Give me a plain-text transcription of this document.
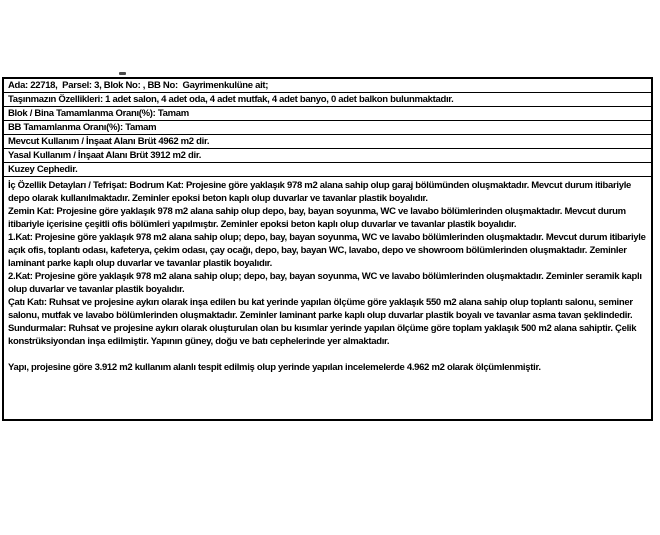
Ada: 22718,  Parsel: 3, Blok No: , BB No:  Gayrimenkulüne ait;
Taşınmazın Özellikleri: 1 adet salon, 4 adet oda, 4 adet mutfak, 4 adet banyo, 0 adet balkon bulunmaktadır.
Blok / Bina Tamamlanma Oranı(%): Tamam
BB Tamamlanma Oranı(%): Tamam
Mevcut Kullanım / İnşaat Alanı Brüt 4962 m2 dir.
Yasal Kullanım / İnşaat Alanı Brüt 3912 m2 dir.
Kuzey Cephedir.
İç Özellik Detayları / Tefrişat: Bodrum Kat: Projesine göre yaklaşık 978 m2 alana sahip olup garaj bölümünden oluşmaktadır. Mevcut durum itibariyle depo olarak kullanılmaktadır. Zeminler epoksi beton kaplı olup duvarlar ve tavanlar plastik boyalıdır.
Zemin Kat: Projesine göre yaklaşık 978 m2 alana sahip olup depo, bay, bayan soyunma, WC ve lavabo bölümlerinden oluşmaktadır. Mevcut durum itibariyle içerisine çeşitli ofis bölümleri yapılmıştır. Zeminler epoksi beton kaplı olup duvarlar ve tavanlar plastik boyalıdır.
1.Kat: Projesine göre yaklaşık 978 m2 alana sahip olup; depo, bay, bayan soyunma, WC ve lavabo bölümlerinden oluşmaktadır. Mevcut durum itibariyle açık ofis, toplantı odası, kafeterya, çekim odası, çay ocağı, depo, bay, bayan WC, lavabo, depo ve showroom bölümlerinden oluşmaktadır. Zeminler laminant parke kaplı olup duvarlar ve tavanlar plastik boyalıdır.
2.Kat: Projesine göre yaklaşık 978 m2 alana sahip olup; depo, bay, bayan soyunma, WC ve lavabo bölümlerinden oluşmaktadır. Zeminler seramik kaplı olup duvarlar ve tavanlar plastik boyalıdır.
Çatı Katı: Ruhsat ve projesine aykırı olarak inşa edilen bu kat yerinde yapılan ölçüme göre yaklaşık 550 m2 alana sahip olup toplantı salonu, seminer salonu, mutfak ve lavabo bölümlerinden oluşmaktadır. Zeminler laminant parke kaplı olup duvarlar plastik boyalı ve tavanlar asma tavan şeklindedir.
Sundurmalar: Ruhsat ve projesine aykırı olarak oluşturulan olan bu kısımlar yerinde yapılan ölçüme göre toplam yaklaşık 500 m2 alana sahiptir. Çelik konstrüksiyondan inşa edilmiştir. Yapının güney, doğu ve batı cephelerinde yer almaktadır.
Yapı, projesine göre 3.912 m2 kullanım alanlı tespit edilmiş olup yerinde yapılan incelemelerde 4.962 m2 olarak ölçümlenmiştir.
